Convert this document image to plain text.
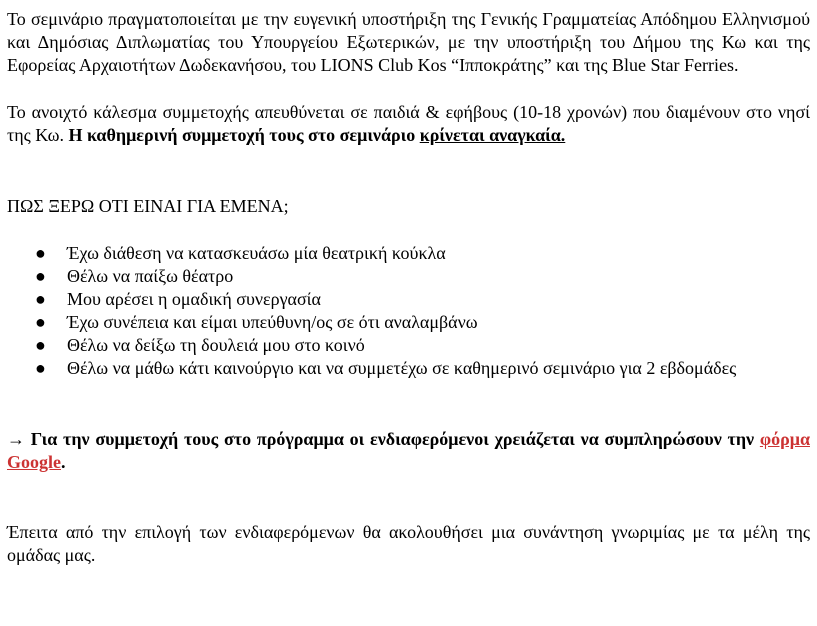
Το σεμινάριο πραγματοποιείται με την ευγενική υποστήριξη της Γενικής Γραμματείας Απόδημου Ελληνισμού και Δημόσιας Διπλωματίας του Υπουργείου Εξωτερικών, με την υποστήριξη του Δήμου της Κω και της Εφορείας Αρχαιοτήτων Δωδεκανήσου, του LIONS Club Kos “Ιπποκράτης” και της Blue Star Ferries.

Το ανοιχτό κάλεσμα συμμετοχής απευθύνεται σε παιδιά & εφήβους (10-18 χρονών) που διαμένουν στο νησί της Κω. Η καθημερινή συμμετοχή τους στο σεμινάριο κρίνεται αναγκαία.

ΠΩΣ ΞΕΡΩ ΟΤΙ ΕΙΝΑΙ ΓΙΑ ΕΜΕΝΑ;

● Έχω διάθεση να κατασκευάσω μία θεατρική κούκλα
● Θέλω να παίξω θέατρο
● Μου αρέσει η ομαδική συνεργασία
● Έχω συνέπεια και είμαι υπεύθυνη/ος σε ότι αναλαμβάνω
● Θέλω να δείξω τη δουλειά μου στο κοινό
● Θέλω να μάθω κάτι καινούργιο και να συμμετέχω σε καθημερινό σεμινάριο για 2 εβδομάδες

→ Για την συμμετοχή τους στο πρόγραμμα οι ενδιαφερόμενοι χρειάζεται να συμπληρώσουν την φόρμα Google.

Έπειτα από την επιλογή των ενδιαφερόμενων θα ακολουθήσει μια συνάντηση γνωριμίας με τα μέλη της ομάδας μας.
